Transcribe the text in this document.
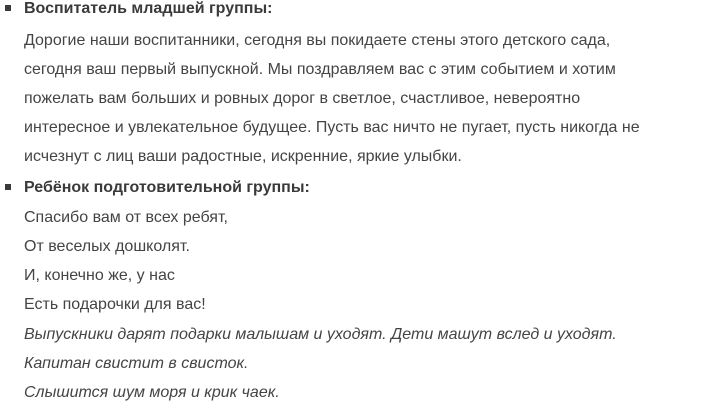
Воспитатель младшей группы:
Дорогие наши воспитанники, сегодня вы покидаете стены этого детского сада,
сегодня ваш первый выпускной. Мы поздравляем вас с этим событием и хотим
пожелать вам больших и ровных дорог в светлое, счастливое, невероятно
интересное и увлекательное будущее. Пусть вас ничто не пугает, пусть никогда не
исчезнут с лиц ваши радостные, искренние, яркие улыбки.
Ребёнок подготовительной группы:
Спасибо вам от всех ребят,
От веселых дошколят.
И, конечно же, у нас
Есть подарочки для вас!
Выпускники дарят подарки малышам и уходят. Дети машут вслед и уходят.
Капитан свистит в свисток.
Слышится шум моря и крик чаек.
